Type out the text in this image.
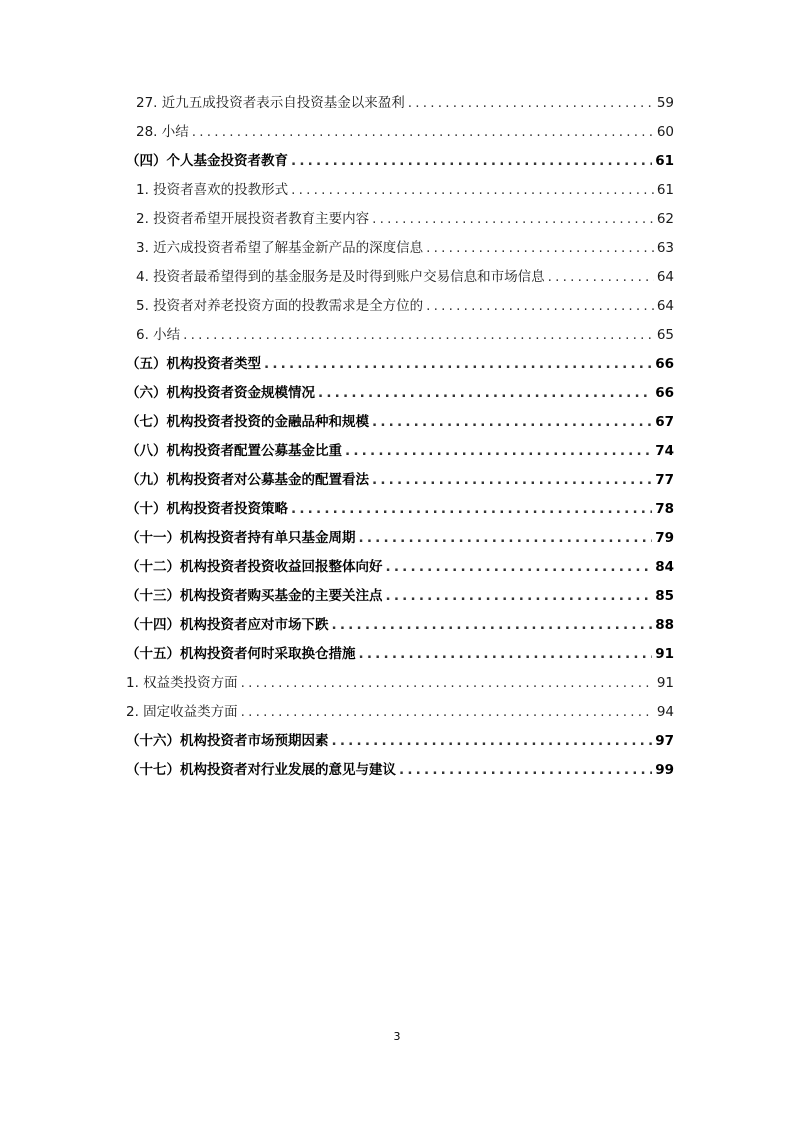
27. 近九五成投资者表示自投资基金以来盈利 .....	59
28. 小结 .....	60
（四）个人基金投资者教育 .....	61
1. 投资者喜欢的投教形式 .....	61
2. 投资者希望开展投资者教育主要内容 .....	62
3. 近六成投资者希望了解基金新产品的深度信息 .....	63
4. 投资者最希望得到的基金服务是及时得到账户交易信息和市场信息 .....	64
5. 投资者对养老投资方面的投教需求是全方位的 .....	64
6. 小结 .....	65
（五）机构投资者类型 .....	66
（六）机构投资者资金规模情况 .....	66
（七）机构投资者投资的金融品种和规模 .....	67
（八）机构投资者配置公募基金比重 .....	74
（九）机构投资者对公募基金的配置看法 .....	77
（十）机构投资者投资策略 .....	78
（十一）机构投资者持有单只基金周期 .....	79
（十二）机构投资者投资收益回报整体向好 .....	84
（十三）机构投资者购买基金的主要关注点 .....	85
（十四）机构投资者应对市场下跌 .....	88
（十五）机构投资者何时采取换仓措施 .....	91
1. 权益类投资方面 .....	91
2. 固定收益类方面 .....	94
（十六）机构投资者市场预期因素 .....	97
（十七）机构投资者对行业发展的意见与建议 .....	99
3
